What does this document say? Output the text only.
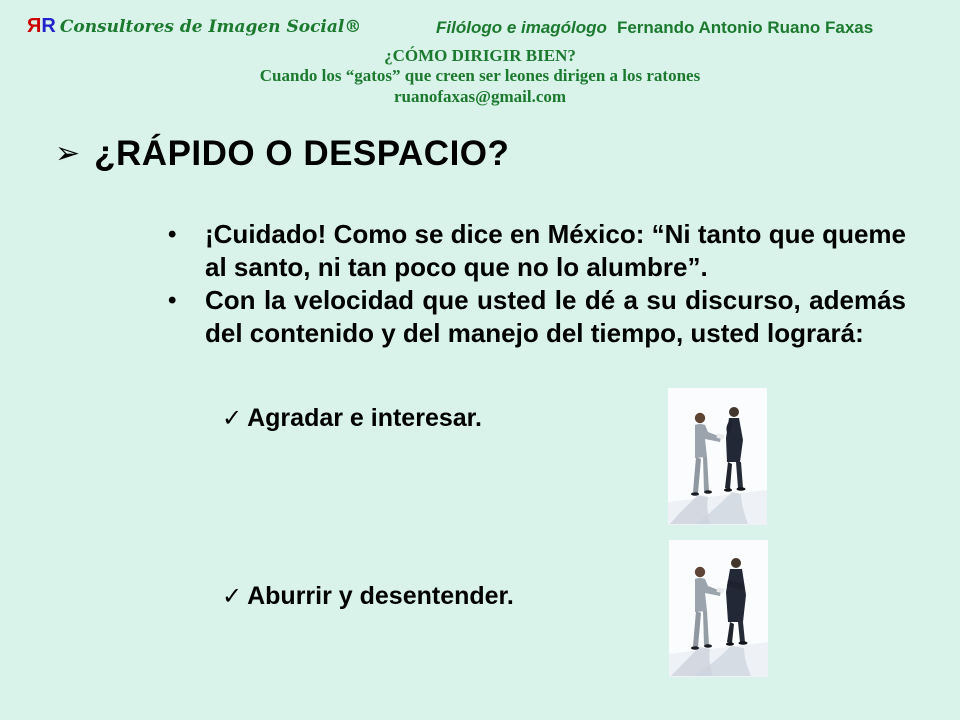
ЯR Consultores de Imagen Social®	Filólogo e imagólogo Fernando Antonio Ruano Faxas
¿CÓMO DIRIGIR BIEN?
Cuando los “gatos” que creen ser leones dirigen a los ratones
ruanofaxas@gmail.com
➢ ¿RÁPIDO O DESPACIO?
•	¡Cuidado! Como se dice en México: “Ni tanto que queme al santo, ni tan poco que no lo alumbre”.
•	Con la velocidad que usted le dé a su discurso, además del contenido y del manejo del tiempo, usted logrará:
✓ Agradar e interesar.
✓ Aburrir y desentender.
